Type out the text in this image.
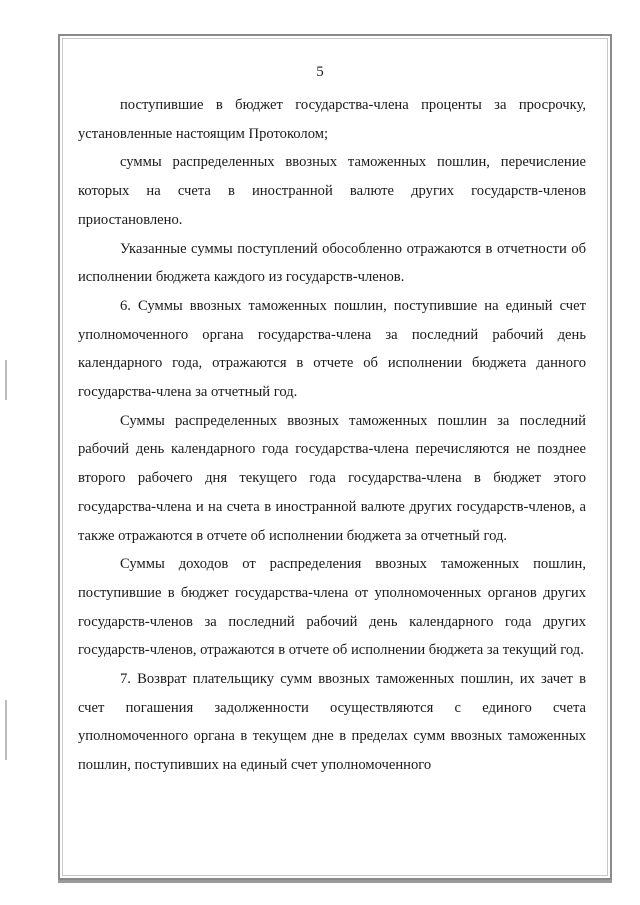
5

поступившие в бюджет государства-члена проценты за просрочку, установленные настоящим Протоколом;

суммы распределенных ввозных таможенных пошлин, перечисление которых на счета в иностранной валюте других государств-членов приостановлено.

Указанные суммы поступлений обособленно отражаются в отчетности об исполнении бюджета каждого из государств-членов.

6. Суммы ввозных таможенных пошлин, поступившие на единый счет уполномоченного органа государства-члена за последний рабочий день календарного года, отражаются в отчете об исполнении бюджета данного государства-члена за отчетный год.

Суммы распределенных ввозных таможенных пошлин за последний рабочий день календарного года государства-члена перечисляются не позднее второго рабочего дня текущего года государства-члена в бюджет этого государства-члена и на счета в иностранной валюте других государств-членов, а также отражаются в отчете об исполнении бюджета за отчетный год.

Суммы доходов от распределения ввозных таможенных пошлин, поступившие в бюджет государства-члена от уполномоченных органов других государств-членов за последний рабочий день календарного года других государств-членов, отражаются в отчете об исполнении бюджета за текущий год.

7. Возврат плательщику сумм ввозных таможенных пошлин, их зачет в счет погашения задолженности осуществляются с единого счета уполномоченного органа в текущем дне в пределах сумм ввозных таможенных пошлин, поступивших на единый счет уполномоченного
